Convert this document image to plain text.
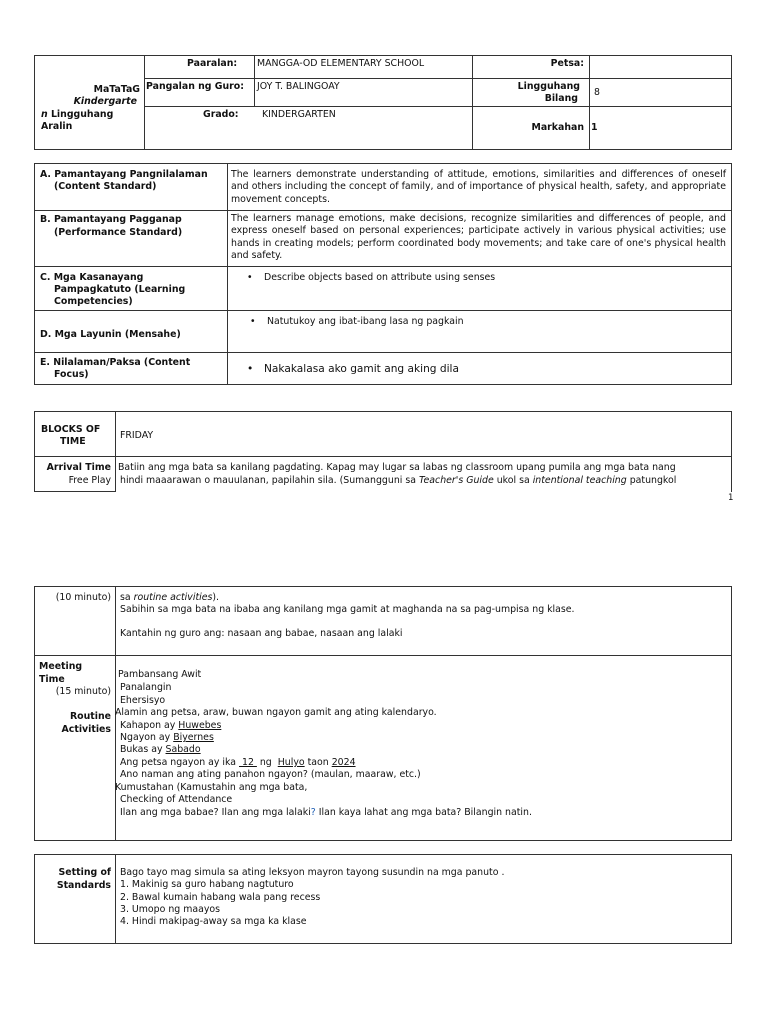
MaTaTaG
Kindergarte
n Lingguhang
Aralin
Paaralan: MANGGA-OD ELEMENTARY SCHOOL	Petsa:
Pangalan ng Guro: JOY T. BALINGOAY	Lingguhang
Bilang
8
Grado: KINDERGARTEN
Markahan 1
A. Pamantayang Pangnilalaman
(Content Standard)
The learners demonstrate understanding of attitude, emotions, similarities and differences of oneself and others including the concept of family, and of importance of physical health, safety, and appropriate movement concepts.
B. Pamantayang Pagganap
(Performance Standard)
The learners manage emotions, make decisions, recognize similarities and differences of people, and express oneself based on personal experiences; participate actively in various physical activities; use hands in creating models; perform coordinated body movements; and take care of one's physical health and safety.
C. Mga Kasanayang
Pampagkatuto (Learning
Competencies)
• Describe objects based on attribute using senses
D. Mga Layunin (Mensahe)
• Natutukoy ang ibat-ibang lasa ng pagkain
E. Nilalaman/Paksa (Content
Focus)
•	Nakakalasa ako gamit ang aking dila
BLOCKS OF
TIME
FRIDAY
Arrival Time
Free Play
Batiin ang mga bata sa kanilang pagdating. Kapag may lugar sa labas ng classroom upang pumila ang mga bata nang
hindi maaarawan o mauulanan, papilahin sila. (Sumangguni sa Teacher's Guide ukol sa intentional teaching patungkol
1
(10 minuto) sa routine activities).
Sabihin sa mga bata na ibaba ang kanilang mga gamit at maghanda na sa pag-umpisa ng klase.
Kantahin ng guro ang: nasaan ang babae, nasaan ang lalaki
Meeting
Time
(15 minuto)
Routine
Activities
Pambansang Awit
Panalangin
Ehersisyo
Alamin ang petsa, araw, buwan ngayon gamit ang ating kalendaryo.
Kahapon ay Huwebes
Ngayon ay Biyernes
Bukas ay Sabado
Ang petsa ngayon ay ika  12  ng  Hulyo taon 2024
Ano naman ang ating panahon ngayon? (maulan, maaraw, etc.)
Kumustahan (Kamustahin ang mga bata,
Checking of Attendance
Ilan ang mga babae? Ilan ang mga lalaki? Ilan kaya lahat ang mga bata? Bilangin natin.
Setting of
Standards
Bago tayo mag simula sa ating leksyon mayron tayong susundin na mga panuto .
1. Makinig sa guro habang nagtuturo
2. Bawal kumain habang wala pang recess
3. Umopo ng maayos
4. Hindi makipag-away sa mga ka klase
